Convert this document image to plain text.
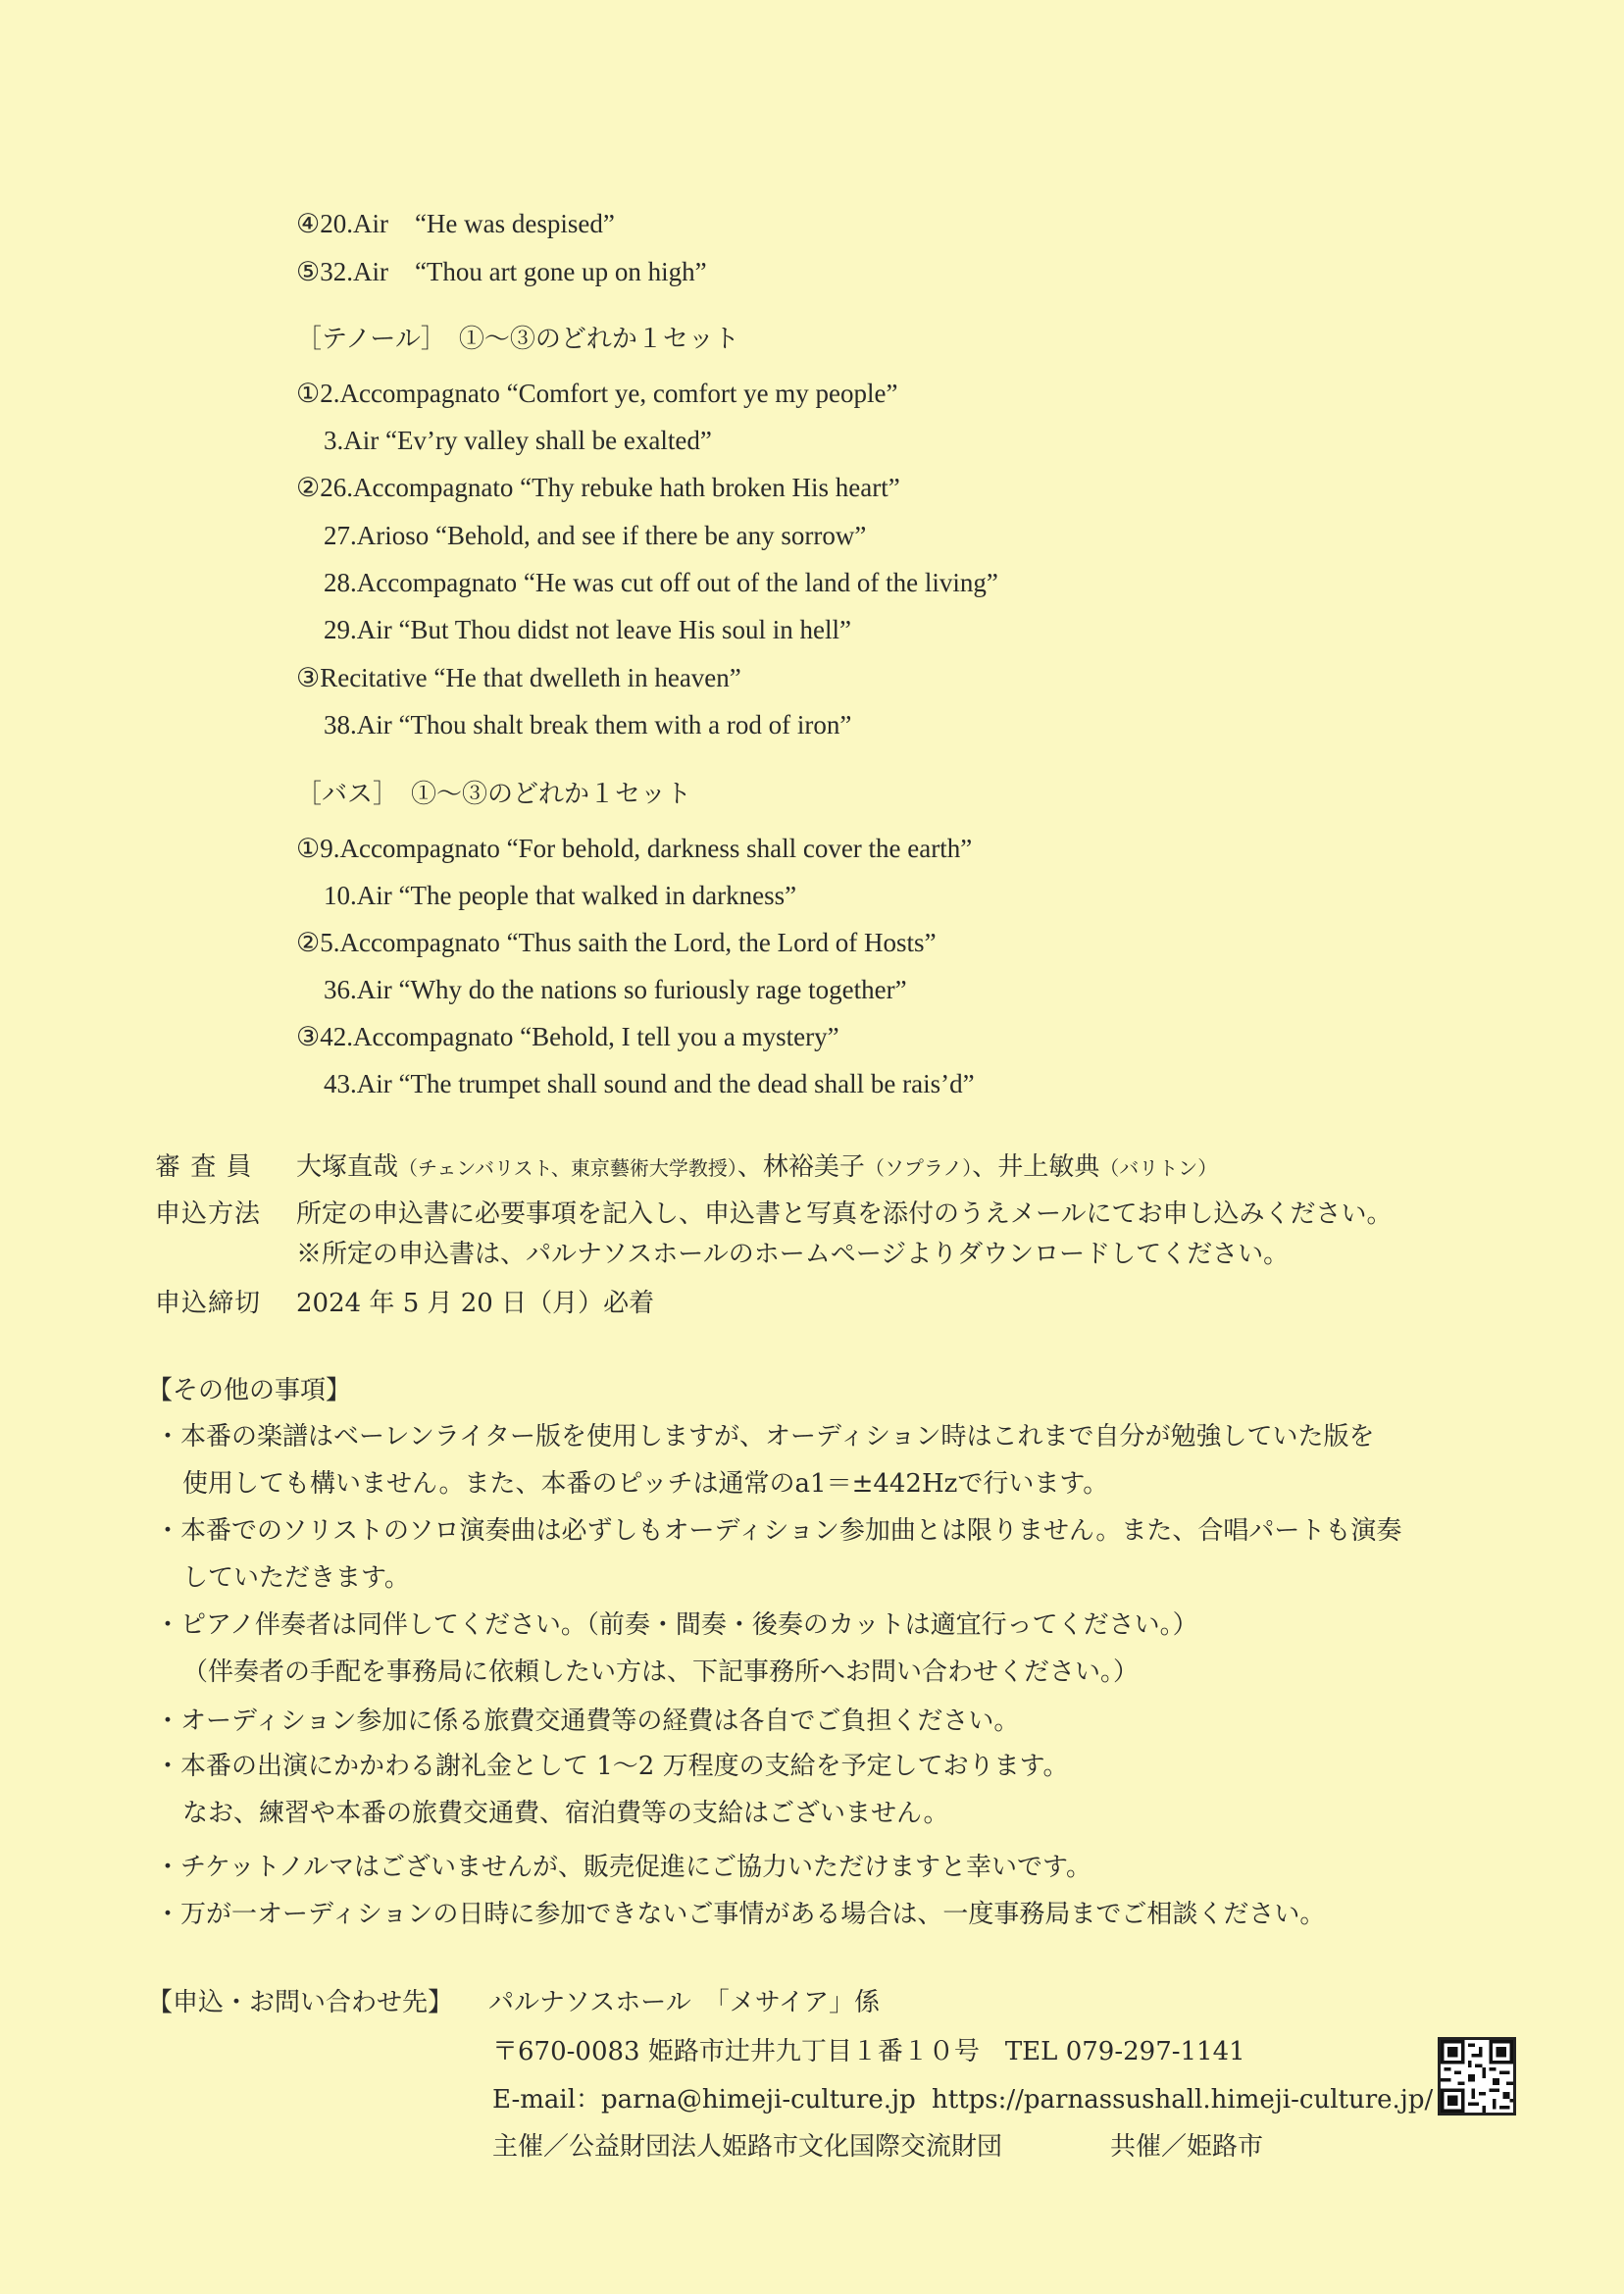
④20.Air　“He was despised”
⑤32.Air　“Thou art gone up on high”
［テノール］　①～③のどれか１セット
①2.Accompagnato “Comfort ye, comfort ye my people”
3.Air “Ev’ry valley shall be exalted”
②26.Accompagnato “Thy rebuke hath broken His heart”
27.Arioso “Behold, and see if there be any sorrow”
28.Accompagnato “He was cut off out of the land of the living”
29.Air “But Thou didst not leave His soul in hell”
③Recitative “He that dwelleth in heaven”
38.Air “Thou shalt break them with a rod of iron”
［バス］　①～③のどれか１セット
①9.Accompagnato “For behold, darkness shall cover the earth”
10.Air “The people that walked in darkness”
②5.Accompagnato “Thus saith the Lord, the Lord of Hosts”
36.Air “Why do the nations so furiously rage together”
③42.Accompagnato “Behold, I tell you a mystery”
43.Air “The trumpet shall sound and the dead shall be rais’d”
審 査 員 大塚直哉（チェンバリスト、東京藝術大学教授）、林裕美子（ソプラノ）、井上敏典（バリトン）
申込方法 所定の申込書に必要事項を記入し、申込書と写真を添付のうえメールにてお申し込みください。
※所定の申込書は、パルナソスホールのホームページよりダウンロードしてください。
申込締切 2024 年 5 月 20 日（月）必着
【その他の事項】
・本番の楽譜はベーレンライター版を使用しますが、オーディション時はこれまで自分が勉強していた版を
使用しても構いません。また、本番のピッチは通常のa1＝±442Hzで行います。
・本番でのソリストのソロ演奏曲は必ずしもオーディション参加曲とは限りません。また、合唱パートも演奏
していただきます。
・ピアノ伴奏者は同伴してください。（前奏・間奏・後奏のカットは適宜行ってください。）
（伴奏者の手配を事務局に依頼したい方は、下記事務所へお問い合わせください。）
・オーディション参加に係る旅費交通費等の経費は各自でご負担ください。
・本番の出演にかかわる謝礼金として 1～2 万程度の支給を予定しております。
なお、練習や本番の旅費交通費、宿泊費等の支給はございません。
・チケットノルマはございませんが、販売促進にご協力いただけますと幸いです。
・万が一オーディションの日時に参加できないご事情がある場合は、一度事務局までご相談ください。
【申込・お問い合わせ先】 パルナソスホール　「メサイア」係
〒670-0083 姫路市辻井九丁目１番１０号　TEL 079-297-1141
E-mail：parna@himeji-culture.jp https://parnassushall.himeji-culture.jp/
主催／公益財団法人姫路市文化国際交流財団	共催／姫路市
